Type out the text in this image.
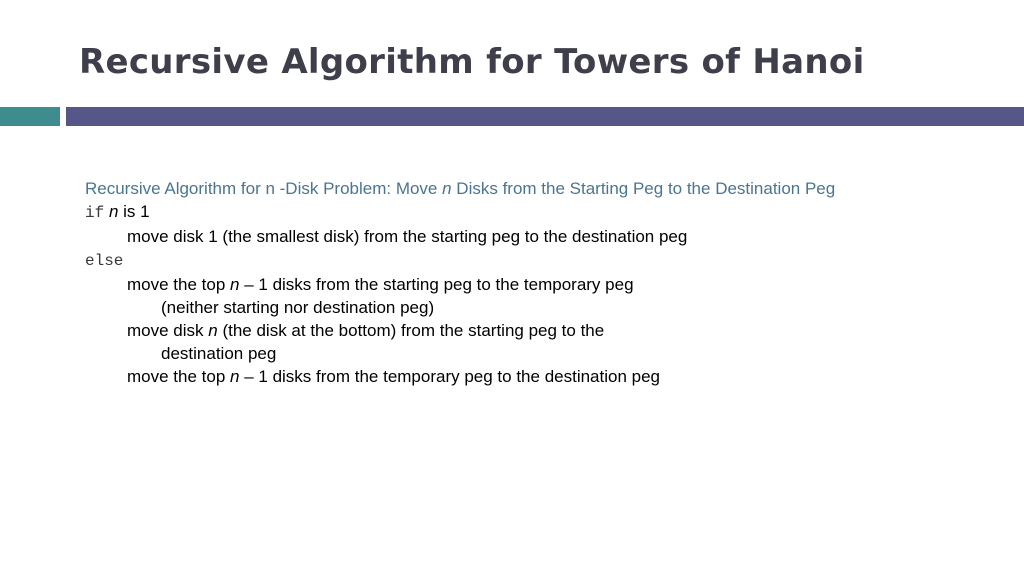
Recursive Algorithm for Towers of Hanoi

Recursive Algorithm for n -Disk Problem: Move n Disks from the Starting Peg to the Destination Peg

if n is 1
move disk 1 (the smallest disk) from the starting peg to the destination peg
else
move the top n – 1 disks from the starting peg to the temporary peg
(neither starting nor destination peg)
move disk n (the disk at the bottom) from the starting peg to the
destination peg
move the top n – 1 disks from the temporary peg to the destination peg
